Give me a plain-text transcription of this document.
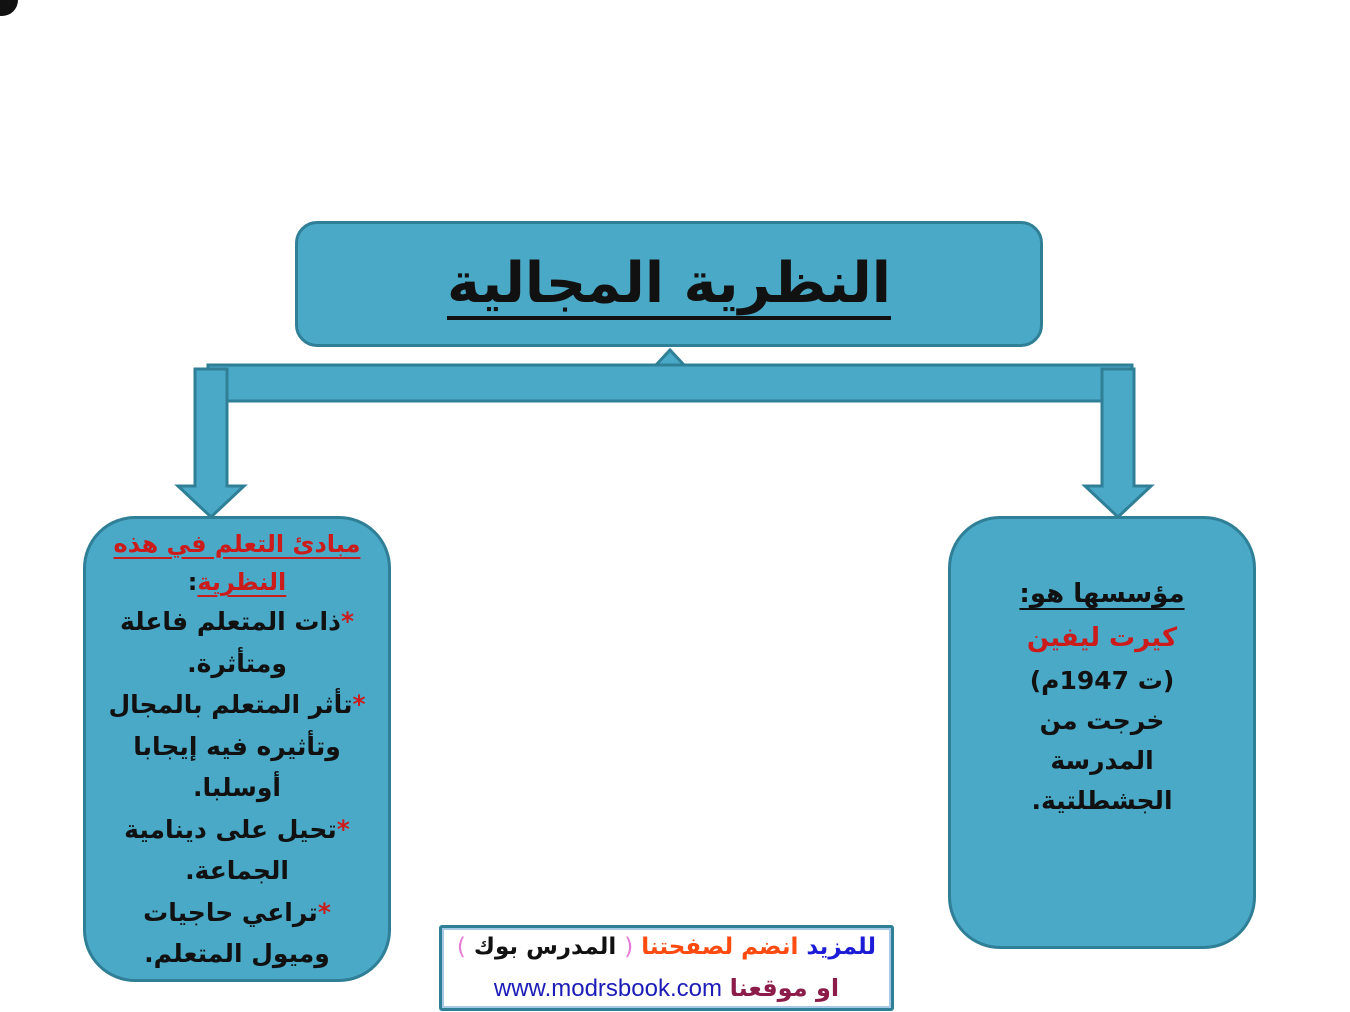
النظرية المجالية
مبادئ التعلم في هذه النظرية:
*ذات المتعلم فاعلة
ومتأثرة.
*تأثر المتعلم بالمجال
وتأثيره فيه إيجابا
أوسلبا.
*تحيل على دينامية
الجماعة.
*تراعي حاجيات
وميول المتعلم.
مؤسسها هو:
كيرت ليفين
(ت 1947م)
خرجت من
المدرسة
الجشطلتية.
للمزيد انضم لصفحتنا ( المدرس بوك )
او موقعنا www.modrsbook.com
